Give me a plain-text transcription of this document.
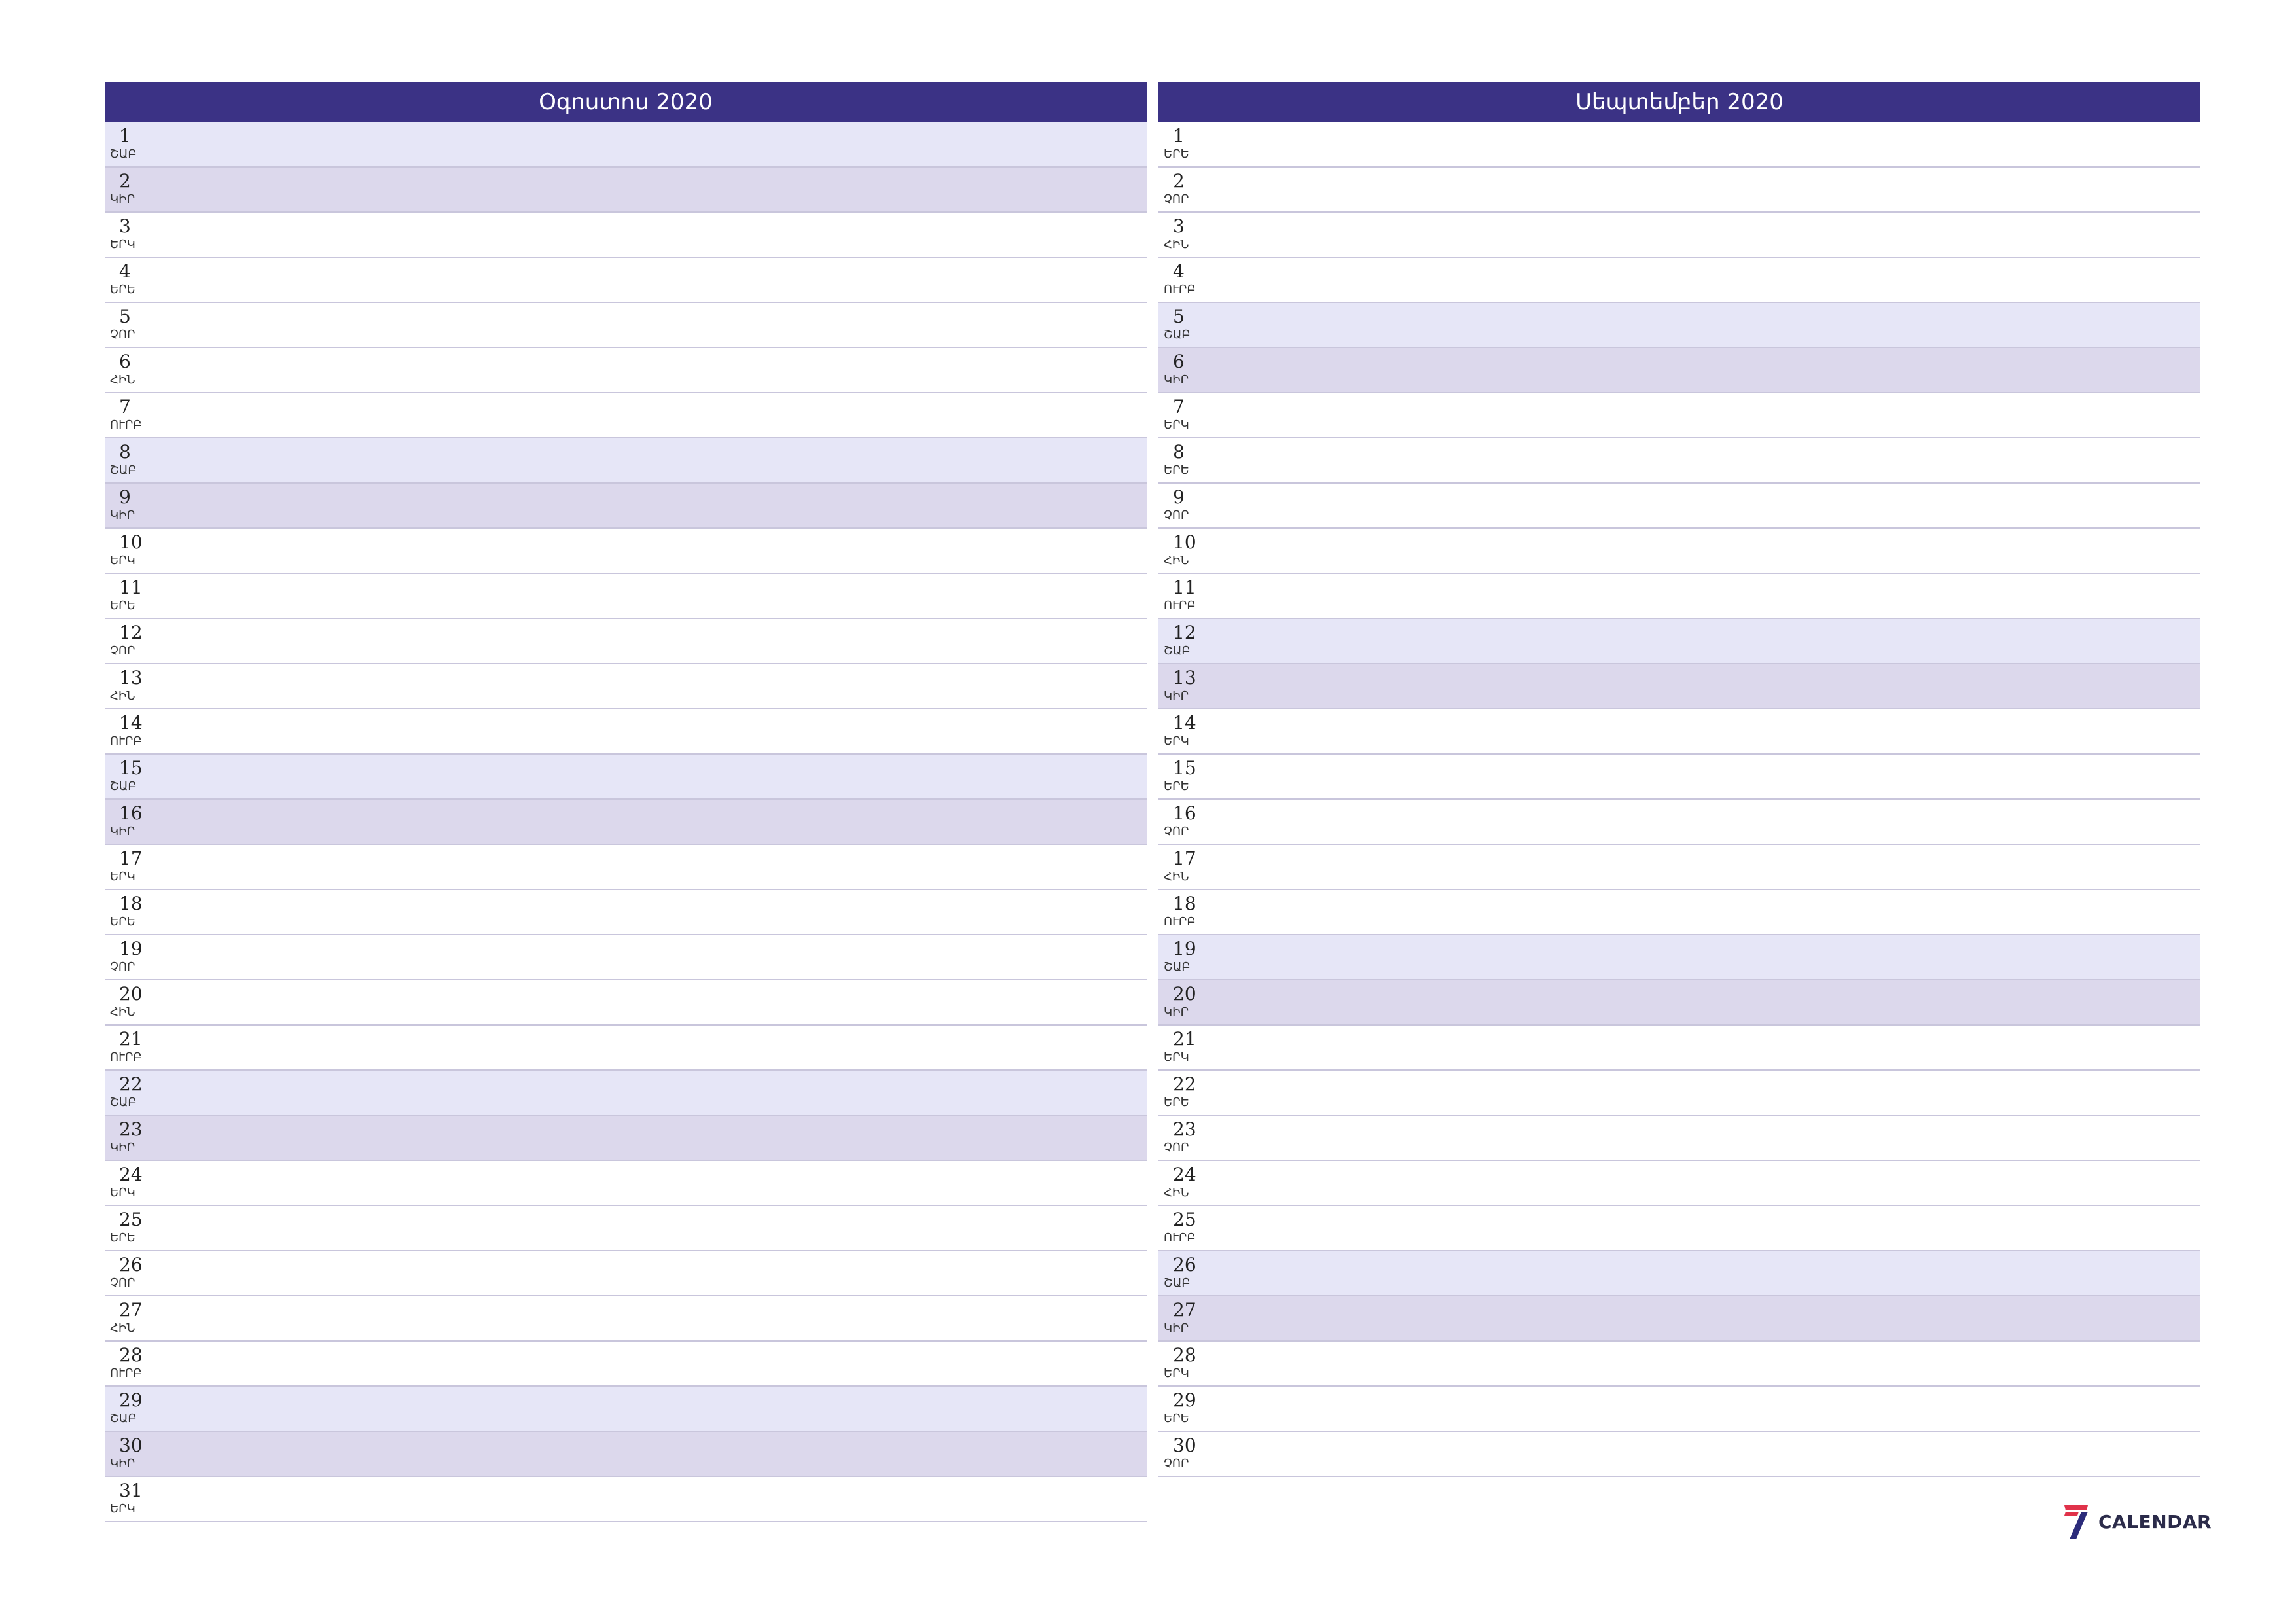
Օգոստոս 2020
1
ՇԱԲ
2
ԿԻՐ
3
ԵՐԿ
4
ԵՐԵ
5
ՉՈՐ
6
ՀԻՆ
7
ՈՒՐԲ
8
ՇԱԲ
9
ԿԻՐ
10
ԵՐԿ
11
ԵՐԵ
12
ՉՈՐ
13
ՀԻՆ
14
ՈՒՐԲ
15
ՇԱԲ
16
ԿԻՐ
17
ԵՐԿ
18
ԵՐԵ
19
ՉՈՐ
20
ՀԻՆ
21
ՈՒՐԲ
22
ՇԱԲ
23
ԿԻՐ
24
ԵՐԿ
25
ԵՐԵ
26
ՉՈՐ
27
ՀԻՆ
28
ՈՒՐԲ
29
ՇԱԲ
30
ԿԻՐ
31
ԵՐԿ
Սեպտեմբեր 2020
1
ԵՐԵ
2
ՉՈՐ
3
ՀԻՆ
4
ՈՒՐԲ
5
ՇԱԲ
6
ԿԻՐ
7
ԵՐԿ
8
ԵՐԵ
9
ՉՈՐ
10
ՀԻՆ
11
ՈՒՐԲ
12
ՇԱԲ
13
ԿԻՐ
14
ԵՐԿ
15
ԵՐԵ
16
ՉՈՐ
17
ՀԻՆ
18
ՈՒՐԲ
19
ՇԱԲ
20
ԿԻՐ
21
ԵՐԿ
22
ԵՐԵ
23
ՉՈՐ
24
ՀԻՆ
25
ՈՒՐԲ
26
ՇԱԲ
27
ԿԻՐ
28
ԵՐԿ
29
ԵՐԵ
30
ՉՈՐ
CALENDAR
